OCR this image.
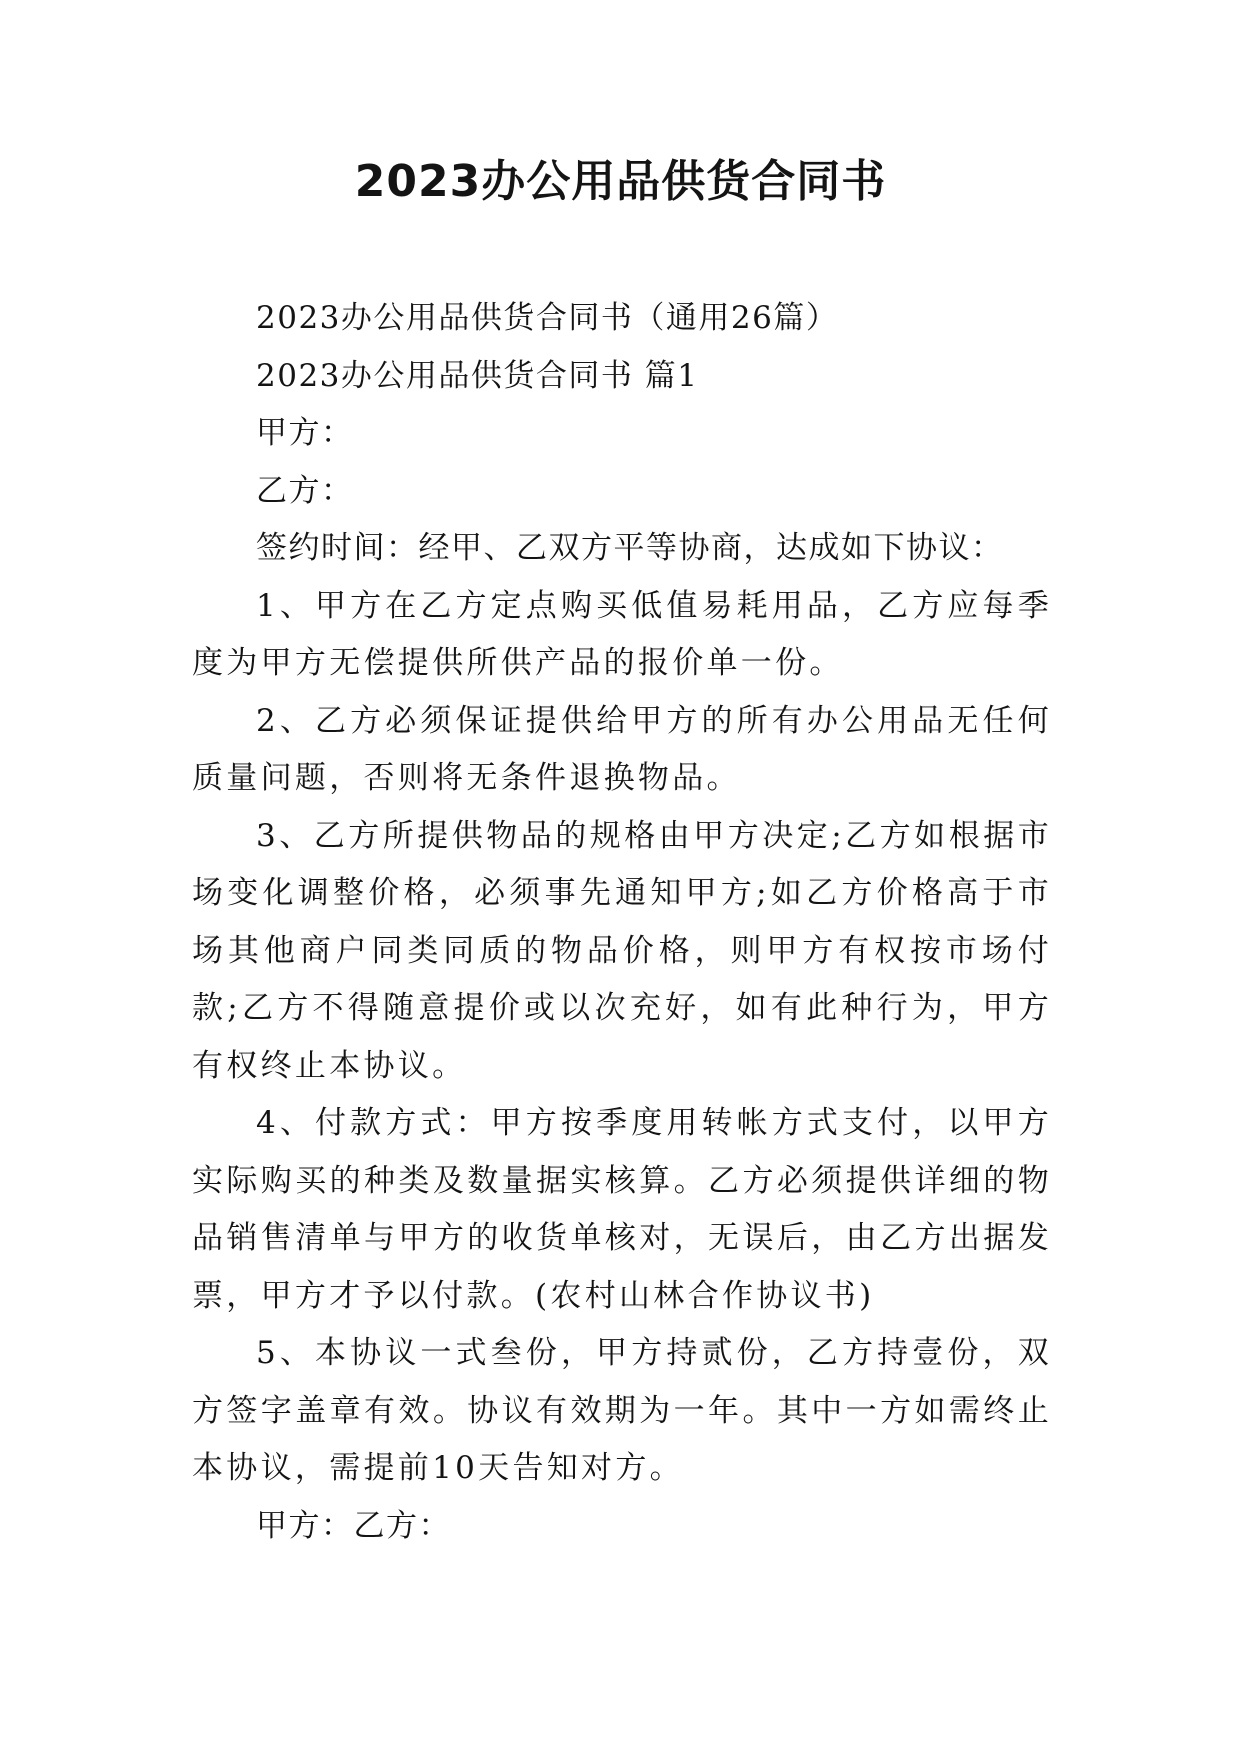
2023办公用品供货合同书

2023办公用品供货合同书（通用26篇）

2023办公用品供货合同书 篇1

甲方：

乙方：

签约时间：经甲、乙双方平等协商，达成如下协议：

1、甲方在乙方定点购买低值易耗用品，乙方应每季度为甲方无偿提供所供产品的报价单一份。

2、乙方必须保证提供给甲方的所有办公用品无任何质量问题，否则将无条件退换物品。

3、乙方所提供物品的规格由甲方决定;乙方如根据市场变化调整价格，必须事先通知甲方;如乙方价格高于市场其他商户同类同质的物品价格，则甲方有权按市场付款;乙方不得随意提价或以次充好，如有此种行为，甲方有权终止本协议。

4、付款方式：甲方按季度用转帐方式支付，以甲方实际购买的种类及数量据实核算。乙方必须提供详细的物品销售清单与甲方的收货单核对，无误后，由乙方出据发票，甲方才予以付款。(农村山林合作协议书)

5、本协议一式叁份，甲方持贰份，乙方持壹份，双方签字盖章有效。协议有效期为一年。其中一方如需终止本协议，需提前10天告知对方。

甲方：乙方：
